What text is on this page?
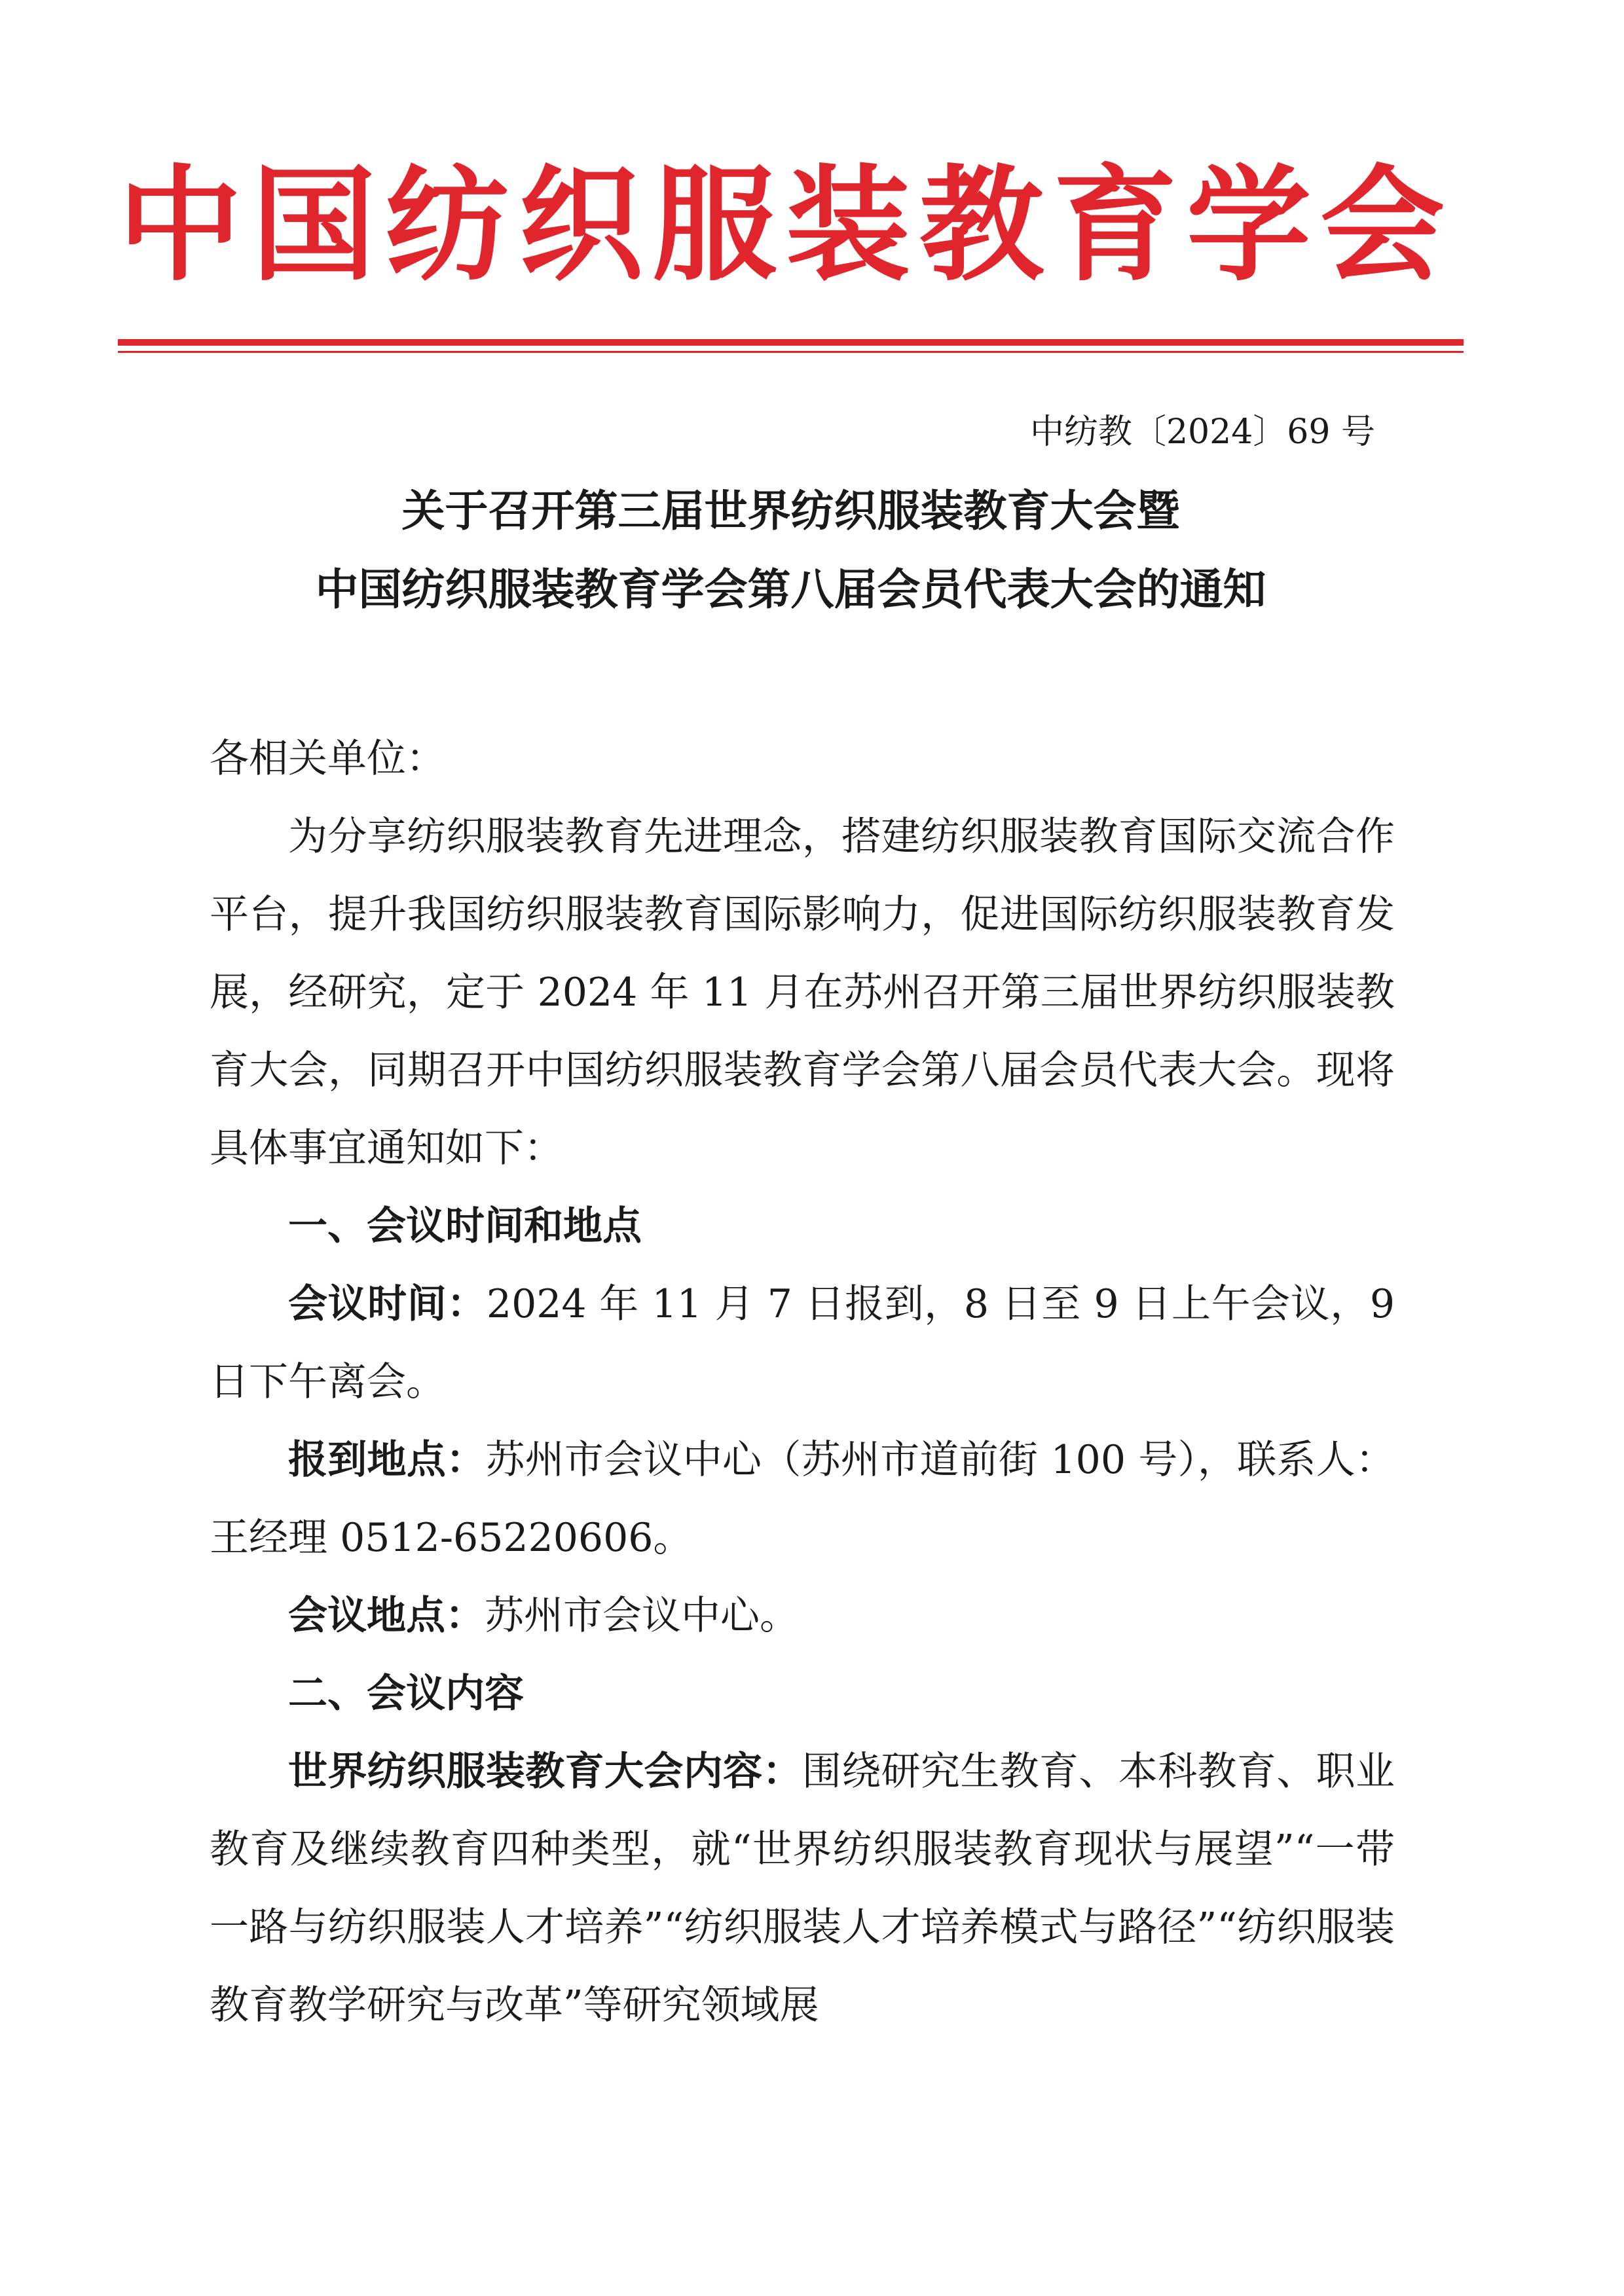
中国纺织服装教育学会
中纺教〔2024〕69 号
关于召开第三届世界纺织服装教育大会暨
中国纺织服装教育学会第八届会员代表大会的通知

各相关单位：

为分享纺织服装教育先进理念，搭建纺织服装教育国际交流合作平台，提升我国纺织服装教育国际影响力，促进国际纺织服装教育发展，经研究，定于 2024 年 11 月在苏州召开第三届世界纺织服装教育大会，同期召开中国纺织服装教育学会第八届会员代表大会。现将具体事宜通知如下：

一、会议时间和地点

会议时间：2024 年 11 月 7 日报到，8 日至 9 日上午会议，9 日下午离会。

报到地点：苏州市会议中心（苏州市道前街 100 号），联系人：王经理 0512-65220606。

会议地点：苏州市会议中心。

二、会议内容

世界纺织服装教育大会内容：围绕研究生教育、本科教育、职业教育及继续教育四种类型，就“世界纺织服装教育现状与展望”“一带一路与纺织服装人才培养”“纺织服装人才培养模式与路径”“纺织服装教育教学研究与改革”等研究领域展
